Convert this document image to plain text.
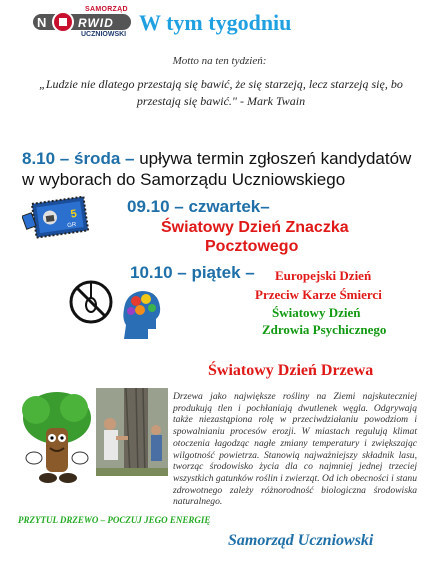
SAMORZĄD
N	RWID
UCZNIOWSKI W tym tygodniu
Motto na ten tydzień:
„Ludzie nie dlatego przestają się bawić, że się starzeją, lecz starzeją się, bo przestają się bawić." - Mark Twain
8.10 – środa – upływa termin zgłoszeń kandydatów w wyborach do Samorządu Uczniowskiego
5
GR
09.10 – czwartek–
Światowy Dzień Znaczka
Pocztowego
10.10 – piątek – Europejski Dzień
Przeciw Karze Śmierci
Światowy Dzień
Zdrowia Psychicznego
Światowy Dzień Drzewa
Drzewa jako największe rośliny na Ziemi najskuteczniej produkują tlen i pochłaniają dwutlenek węgla. Odgrywają także niezastąpiona rolę w przeciwdziałaniu powodziom i spowalnianiu procesów erozji. W miastach regulują klimat otoczenia łagodząc nagłe zmiany temperatury i zwiększając wilgotność powietrza. Stanowią najważniejszy składnik lasu, tworząc środowisko życia dla co najmniej jednej trzeciej wszystkich gatunków roślin i zwierząt. Od ich obecności i stanu zdrowotnego zależy różnorodność biologiczna środowiska naturalnego.
PRZYTUL DRZEWO – POCZUJ JEGO ENERGIĘ
Samorząd Uczniowski
